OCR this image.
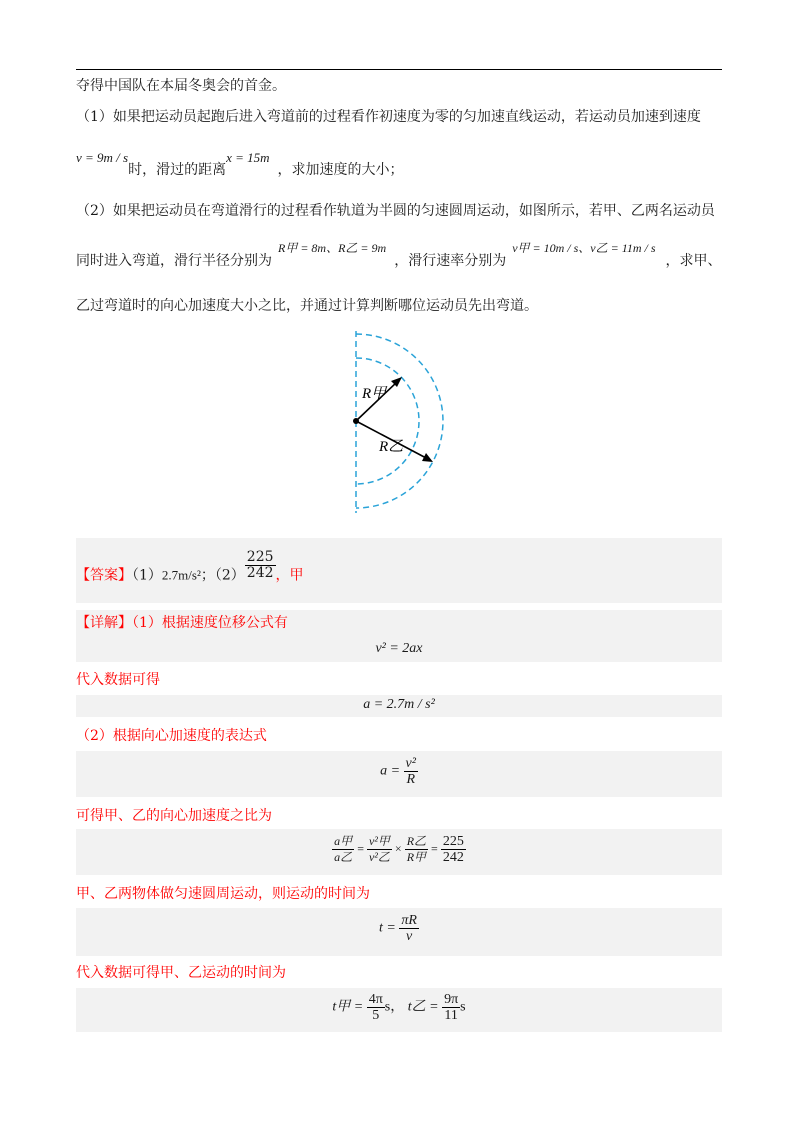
夺得中国队在本届冬奥会的首金。
（1）如果把运动员起跑后进入弯道前的过程看作初速度为零的匀加速直线运动，若运动员加速到速度
v = 9m / s时，滑过的距离x = 15m，求加速度的大小；
（2）如果把运动员在弯道滑行的过程看作轨道为半圆的匀速圆周运动，如图所示，若甲、乙两名运动员
同时进入弯道，滑行半径分别为R甲 = 8m、R乙 = 9m，滑行速率分别为v甲 = 10m / s、v乙 = 11m / s，求甲、
乙过弯道时的向心加速度大小之比，并通过计算判断哪位运动员先出弯道。
R甲
R乙
【答案】（1）2.7m/s²；$(2) \frac{225}{242}$ ，甲
【详解】（1）根据速度位移公式有
v² = 2ax
代入数据可得
a = 2.7m / s²
（2）根据向心加速度的表达式
$a = \frac{\text{v²}}{R}$
可得甲、乙的向心加速度之比为
$\frac{\text{a甲}}{\text{a乙}} = \frac{\text{v²甲}}{\text{v²乙}} \times \frac{\text{R乙}}{\text{R甲}} = \frac{225}{242}$
甲、乙两物体做匀速圆周运动，则运动的时间为
$t = \frac{\pi R}{v}$
代入数据可得甲、乙运动的时间为
t甲 = $\frac{4\pi}{5}$ s， t乙 = $\frac{9\pi}{11}$ s
